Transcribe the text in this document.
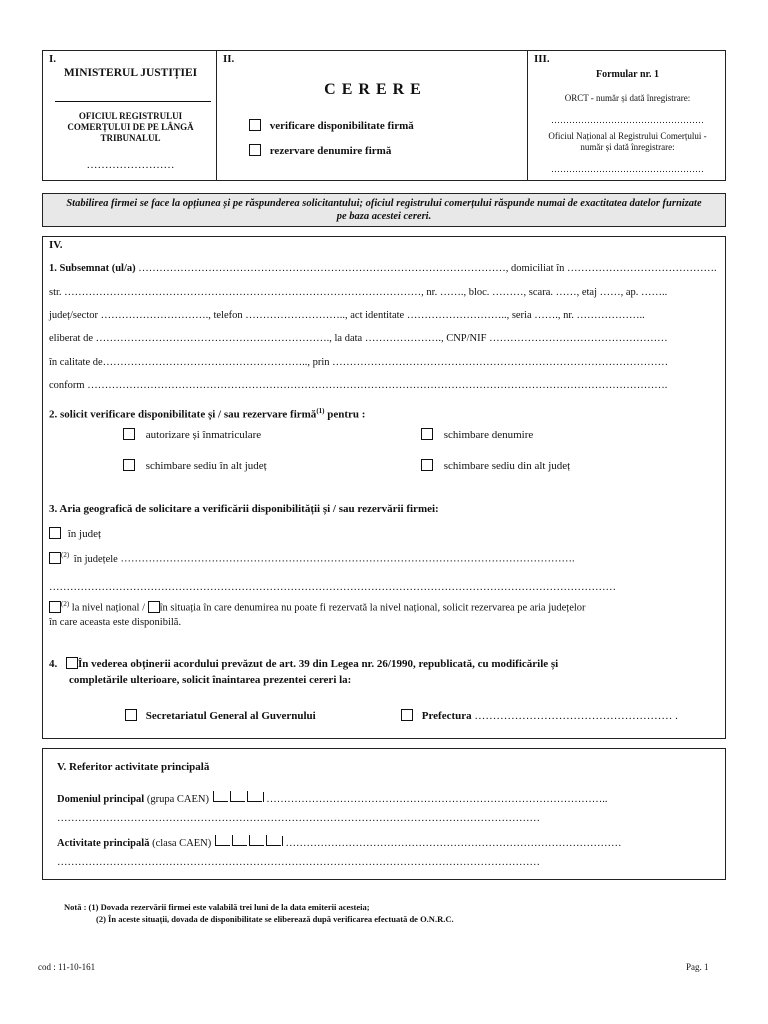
I.
MINISTERUL JUSTIȚIEI
OFICIUL REGISTRULUI
COMERȚULUI DE PE LÂNGĂ
TRIBUNALUL
……………………
II.
C E R E R E
verificare disponibilitate firmă
rezervare denumire firmă
III.
Formular nr. 1
ORCT - număr și dată înregistrare:
……………………………………………
Oficiul Național al Registrului Comerțului - număr și dată înregistrare:
……………………………………………
Stabilirea firmei se face la opțiunea și pe răspunderea solicitantului; oficiul registrului comerțului răspunde numai de exactitatea datelor furnizate pe baza acestei cereri.
IV.
1. Subsemnat (ul/a) ……………………………………………………………………………………………, domiciliat în …………………………………….
str. …………………………………………………………………………………………, nr. ……., bloc. ………, scara. ……, etaj ……, ap. ……..
județ/sector …………………………., telefon ……………………….., act identitate ……………………….., seria ……., nr. ………………..
eliberat de …………………………………………………………., la data …………………., CNP/NIF ……………………………………………
în calitate de………………………………………………….., prin ……………………………………………………………………………………
conform ………………………………………………………………………………………………………………………………………………….
2. solicit verificare disponibilitate și / sau rezervare firmă$^{(1)}$ pentru :
autorizare și înmatriculare	schimbare denumire
schimbare sediu în alt județ	schimbare sediu din alt județ
3. Aria geografică de solicitare a verificării disponibilității și / sau rezervării firmei:
în județ
$^{(2)}$ în județele ………………………………………………………………………………………………………………….
………………………………………………………………………………………………………………………………………………
$^{(2)}$ la nivel național / în situația în care denumirea nu poate fi rezervată la nivel național, solicit rezervarea pe aria județelor
în care aceasta este disponibilă.
4. În vederea obținerii acordului prevăzut de art. 39 din Legea nr. 26/1990, republicată, cu modificările și
completările ulterioare, solicit înaintarea prezentei cereri la:
Secretariatul General al Guvernului	Prefectura ……………………………………………… .
V. Referitor activitate principală
Domeniul principal (grupa CAEN)	……………………………………………………………………………………..
…………………………………………………………………………………………………………………………
Activitate principală (clasa CAEN)	……………………………………………………………………………………
…………………………………………………………………………………………………………………………
Notă : (1) Dovada rezervării firmei este valabilă trei luni de la data emiterii acesteia;
(2) În aceste situații, dovada de disponibilitate se eliberează după verificarea efectuată de O.N.R.C.
cod : 11-10-161	Pag. 1
